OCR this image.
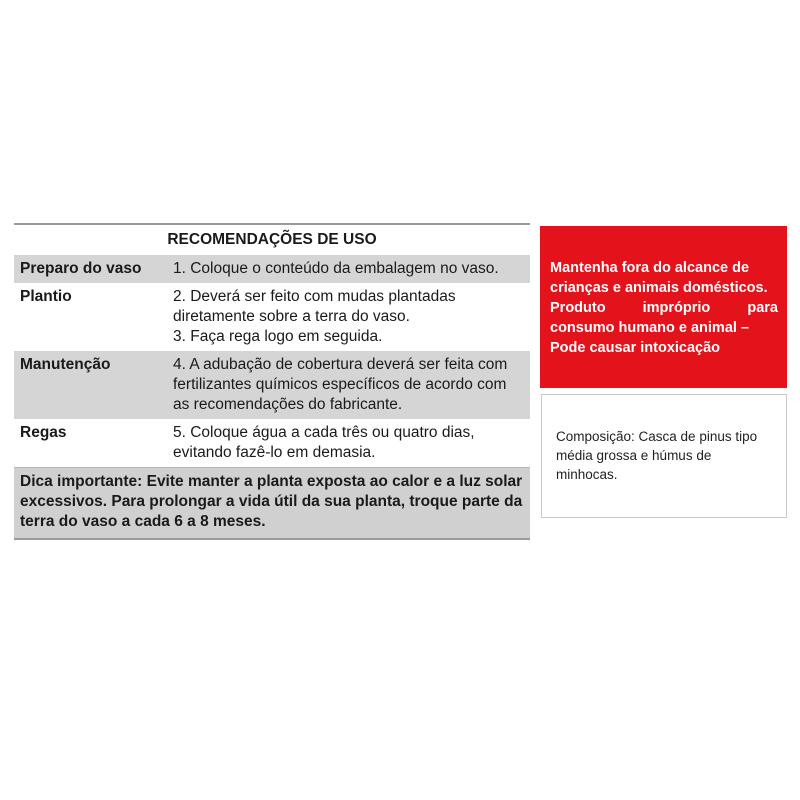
RECOMENDAÇÕES DE USO
Preparo do vaso	1. Coloque o conteúdo da embalagem no vaso.
Plantio	2. Deverá ser feito com mudas plantadas
diretamente sobre a terra do vaso.
3. Faça rega logo em seguida.
Manutenção	4. A adubação de cobertura deverá ser feita com
fertilizantes químicos específicos de acordo com
as recomendações do fabricante.
Regas	5. Coloque água a cada três ou quatro dias,
evitando fazê-lo em demasia.
Dica importante: Evite manter a planta exposta ao calor e a luz solar
excessivos. Para prolongar a vida útil da sua planta, troque parte da
terra do vaso a cada 6 a 8 meses.
Mantenha fora do alcance de
crianças e animais domésticos.
Produto	impróprio	para
consumo humano e animal –
Pode causar intoxicação
Composição: Casca de pinus tipo
média grossa e húmus de
minhocas.
